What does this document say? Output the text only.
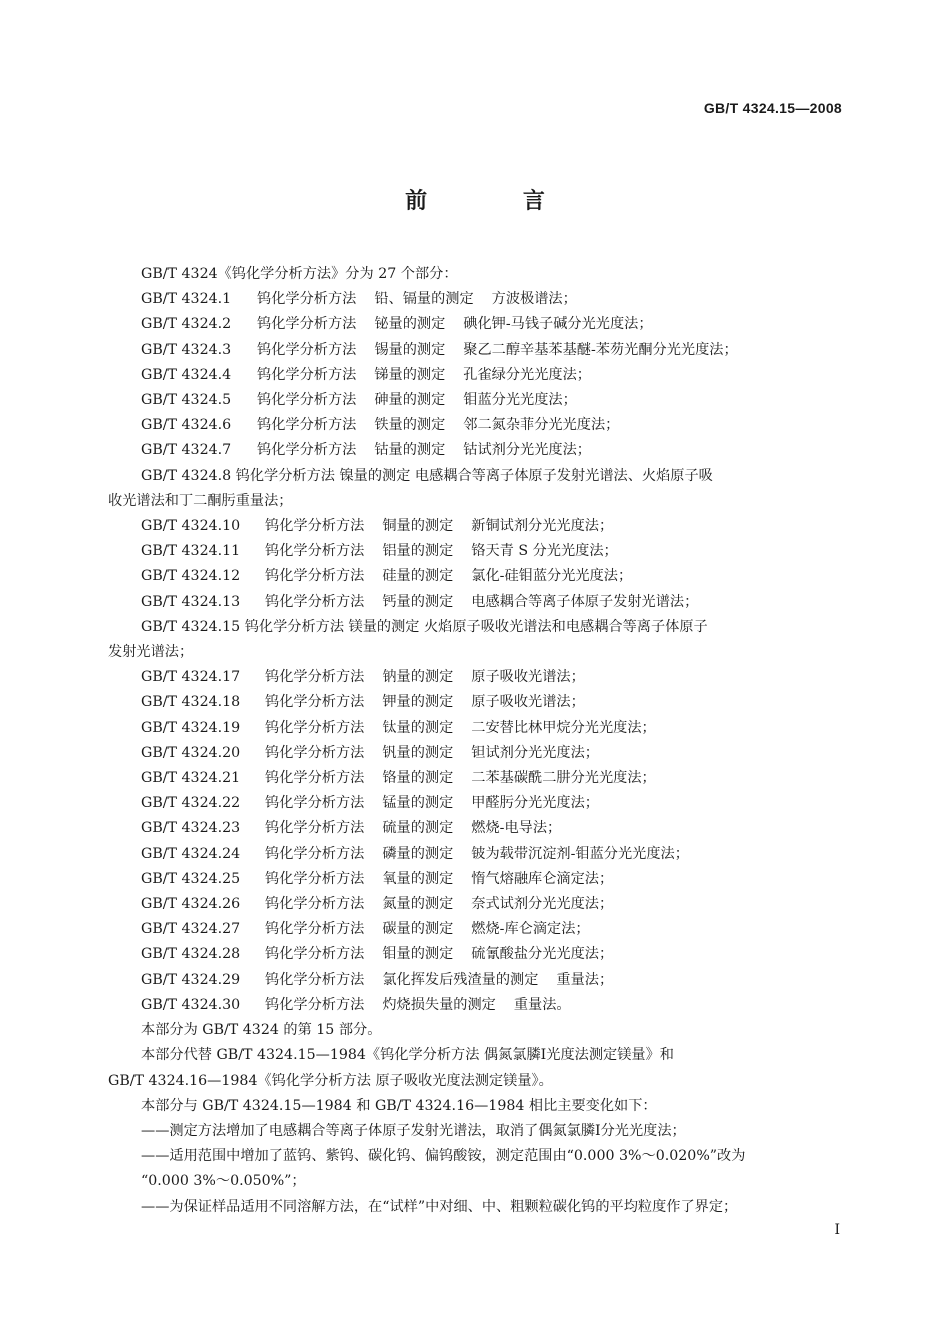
GB/T 4324.15—2008
前 言
GB/T 4324《钨化学分析方法》分为 27 个部分：
GB/T 4324.1 钨化学分析方法 铅、镉量的测定 方波极谱法；
GB/T 4324.2 钨化学分析方法 铋量的测定 碘化钾-马钱子碱分光光度法；
GB/T 4324.3 钨化学分析方法 锡量的测定 聚乙二醇辛基苯基醚-苯芴光酮分光光度法；
GB/T 4324.4 钨化学分析方法 锑量的测定 孔雀绿分光光度法；
GB/T 4324.5 钨化学分析方法 砷量的测定 钼蓝分光光度法；
GB/T 4324.6 钨化学分析方法 铁量的测定 邻二氮杂菲分光光度法；
GB/T 4324.7 钨化学分析方法 钴量的测定 钴试剂分光光度法；
GB/T 4324.8 钨化学分析方法 镍量的测定 电感耦合等离子体原子发射光谱法、火焰原子吸
收光谱法和丁二酮肟重量法；
GB/T 4324.10 钨化学分析方法 铜量的测定 新铜试剂分光光度法；
GB/T 4324.11 钨化学分析方法 铝量的测定 铬天青 S 分光光度法；
GB/T 4324.12 钨化学分析方法 硅量的测定 氯化-硅钼蓝分光光度法；
GB/T 4324.13 钨化学分析方法 钙量的测定 电感耦合等离子体原子发射光谱法；
GB/T 4324.15 钨化学分析方法 镁量的测定 火焰原子吸收光谱法和电感耦合等离子体原子
发射光谱法；
GB/T 4324.17 钨化学分析方法 钠量的测定 原子吸收光谱法；
GB/T 4324.18 钨化学分析方法 钾量的测定 原子吸收光谱法；
GB/T 4324.19 钨化学分析方法 钛量的测定 二安替比林甲烷分光光度法；
GB/T 4324.20 钨化学分析方法 钒量的测定 钽试剂分光光度法；
GB/T 4324.21 钨化学分析方法 铬量的测定 二苯基碳酰二肼分光光度法；
GB/T 4324.22 钨化学分析方法 锰量的测定 甲醛肟分光光度法；
GB/T 4324.23 钨化学分析方法 硫量的测定 燃烧-电导法；
GB/T 4324.24 钨化学分析方法 磷量的测定 铍为载带沉淀剂-钼蓝分光光度法；
GB/T 4324.25 钨化学分析方法 氧量的测定 惰气熔融库仑滴定法；
GB/T 4324.26 钨化学分析方法 氮量的测定 奈式试剂分光光度法；
GB/T 4324.27 钨化学分析方法 碳量的测定 燃烧-库仑滴定法；
GB/T 4324.28 钨化学分析方法 钼量的测定 硫氰酸盐分光光度法；
GB/T 4324.29 钨化学分析方法 氯化挥发后残渣量的测定 重量法；
GB/T 4324.30 钨化学分析方法 灼烧损失量的测定 重量法。
本部分为 GB/T 4324 的第 15 部分。
本部分代替 GB/T 4324.15—1984《钨化学分析方法 偶氮氯膦Ⅰ光度法测定镁量》和
GB/T 4324.16—1984《钨化学分析方法 原子吸收光度法测定镁量》。
本部分与 GB/T 4324.15—1984 和 GB/T 4324.16—1984 相比主要变化如下：
——测定方法增加了电感耦合等离子体原子发射光谱法，取消了偶氮氯膦Ⅰ分光光度法；
——适用范围中增加了蓝钨、紫钨、碳化钨、偏钨酸铵，测定范围由“0.000 3%～0.020%”改为
“0.000 3%～0.050%”；
——为保证样品适用不同溶解方法，在“试样”中对细、中、粗颗粒碳化钨的平均粒度作了界定；
I
